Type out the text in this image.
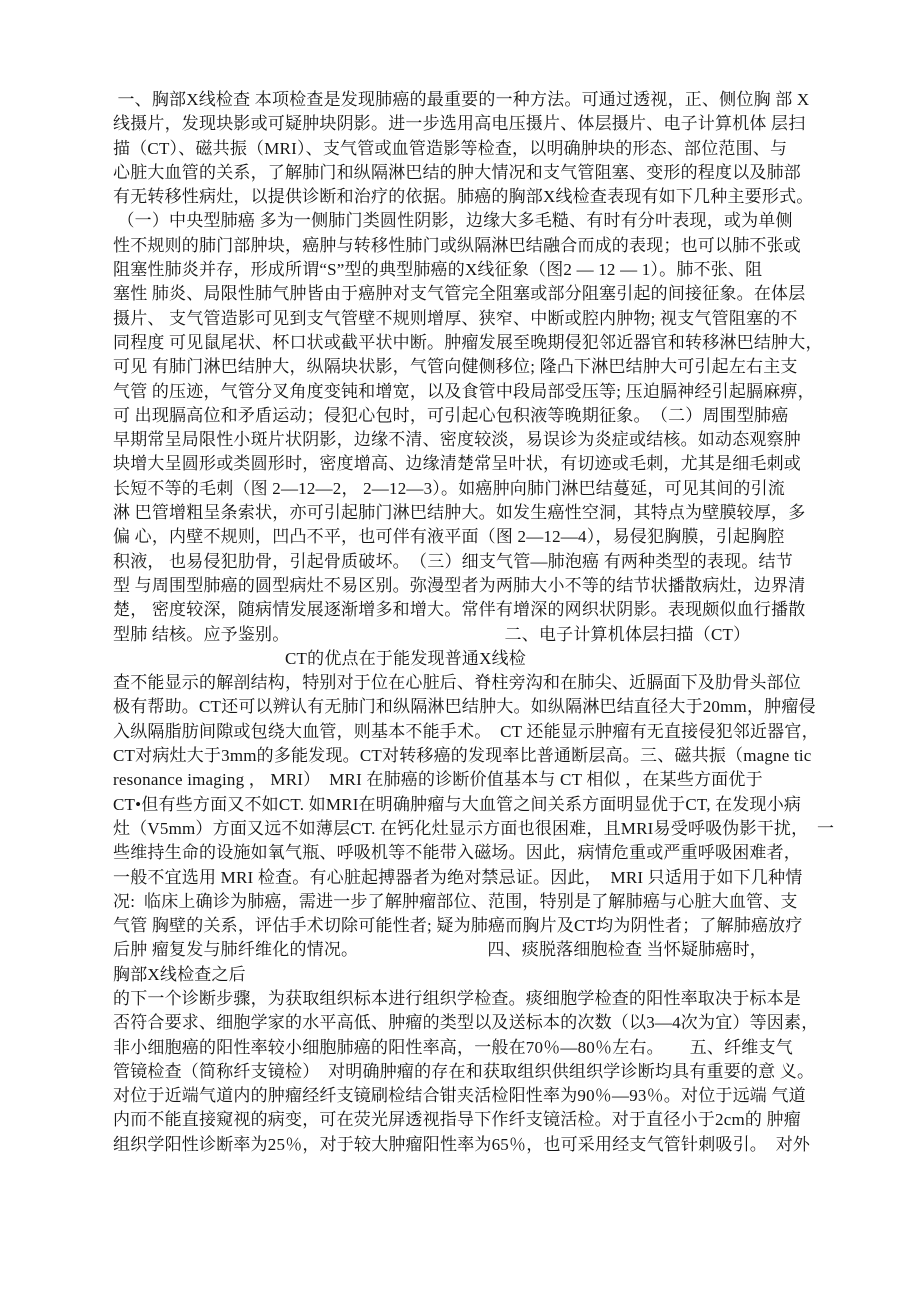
一、胸部X线检查 本项检查是发现肺癌的最重要的一种方法。可通过透视，正、侧位胸 部 X
线摄片，发现块影或可疑肿块阴影。进一步选用高电压摄片、体层摄片、电子计算机体 层扫
描（CT）、磁共振（MRI）、支气管或血管造影等检查，以明确肿块的形态、部位范围、与
心脏大血管的关系，了解肺门和纵隔淋巴结的肿大情况和支气管阻塞、变形的程度以及肺部
有无转移性病灶，以提供诊断和治疗的依据。肺癌的胸部X线检查表现有如下几种主要形式。
（一）中央型肺癌 多为一侧肺门类圆性阴影，边缘大多毛糙、有时有分叶表现，或为单侧
性不规则的肺门部肿块，癌肿与转移性肺门或纵隔淋巴结融合而成的表现；也可以肺不张或
阻塞性肺炎并存，形成所谓“S”型的典型肺癌的X线征象（图2 — 12 — 1）。肺不张、阻
塞性 肺炎、局限性肺气肿皆由于癌肿对支气管完全阻塞或部分阻塞引起的间接征象。在体层
摄片、 支气管造影可见到支气管壁不规则增厚、狭窄、中断或腔内肿物; 视支气管阻塞的不
同程度 可见鼠尾状、杯口状或截平状中断。肿瘤发展至晚期侵犯邻近器官和转移淋巴结肿大，
可见 有肺门淋巴结肿大，纵隔块状影，气管向健侧移位; 隆凸下淋巴结肿大可引起左右主支
气管 的压迹，气管分叉角度变钝和增宽，以及食管中段局部受压等; 压迫膈神经引起膈麻痹，
可 出现膈高位和矛盾运动；侵犯心包时，可引起心包积液等晚期征象。　（二）周围型肺癌
早期常呈局限性小斑片状阴影，边缘不清、密度较淡，易误诊为炎症或结核。如动态观察肿
块增大呈圆形或类圆形时，密度增高、边缘清楚常呈叶状，有切迹或毛刺，尤其是细毛刺或
长短不等的毛刺（图 2—12—2， 2—12—3）。如癌肿向肺门淋巴结蔓延，可见其间的引流
淋 巴管增粗呈条索状，亦可引起肺门淋巴结肿大。如发生癌性空洞，其特点为壁膜较厚，多
偏 心，内壁不规则，凹凸不平，也可伴有液平面（图 2—12—4），易侵犯胸膜，引起胸腔
积液， 也易侵犯肋骨，引起骨质破坏。　（三）细支气管—肺泡癌 有两种类型的表现。结节
型 与周围型肺癌的圆型病灶不易区别。弥漫型者为两肺大小不等的结节状播散病灶，边界清
楚， 密度较深，随病情发展逐渐增多和增大。常伴有增深的网织状阴影。表现颇似血行播散
型肺 结核。应予鉴别。　　　　　　　　　　　　　二、电子计算机体层扫描（CT）
　　　　　　　　　　CT的优点在于能发现普通X线检
查不能显示的解剖结构，特别对于位在心脏后、脊柱旁沟和在肺尖、近膈面下及肋骨头部位
极有帮助。CT还可以辨认有无肺门和纵隔淋巴结肿大。如纵隔淋巴结直径大于20mm，肿瘤侵
入纵隔脂肪间隙或包绕大血管，则基本不能手术。　CT 还能显示肿瘤有无直接侵犯邻近器官，
CT对病灶大于3mm的多能发现。CT对转移癌的发现率比普通断层高。三、磁共振（magne tic
resonance imaging ， MRI）  MRI 在肺癌的诊断价值基本与 CT 相似 ，在某些方面优于
CT•但有些方面又不如CT. 如MRI在明确肿瘤与大血管之间关系方面明显优于CT, 在发现小病
灶（V5mm）方面又远不如薄层CT. 在钙化灶显示方面也很困难，且MRI易受呼吸伪影干扰，　一
些维持生命的设施如氧气瓶、呼吸机等不能带入磁场。因此，病情危重或严重呼吸困难者，
一般不宜选用 MRI 检查。有心脏起搏器者为绝对禁忌证。因此，　MRI 只适用于如下几种情
况:  临床上确诊为肺癌，需进一步了解肿瘤部位、范围，特别是了解肺癌与心脏大血管、支
气管 胸壁的关系，评估手术切除可能性者; 疑为肺癌而胸片及CT均为阴性者；了解肺癌放疗
后肿 瘤复发与肺纤维化的情况。　　　　　　　　四、痰脱落细胞检查 当怀疑肺癌时，
胸部X线检查之后
的下一个诊断步骤，为获取组织标本进行组织学检查。痰细胞学检查的阳性率取决于标本是
否符合要求、细胞学家的水平高低、肿瘤的类型以及送标本的次数（以3—4次为宜）等因素，
非小细胞癌的阳性率较小细胞肺癌的阳性率高，一般在70％—80％左右。　　五、纤维支气
管镜检查（简称纤支镜检）　对明确肿瘤的存在和获取组织供组织学诊断均具有重要的意 义。
对位于近端气道内的肿瘤经纤支镜刷检结合钳夹活检阳性率为90％—93％。对位于远端 气道
内而不能直接窥视的病变，可在荧光屏透视指导下作纤支镜活检。对于直径小于2cm的 肿瘤
组织学阳性诊断率为25％，对于较大肿瘤阳性率为65％，也可采用经支气管针刺吸引。　对外
